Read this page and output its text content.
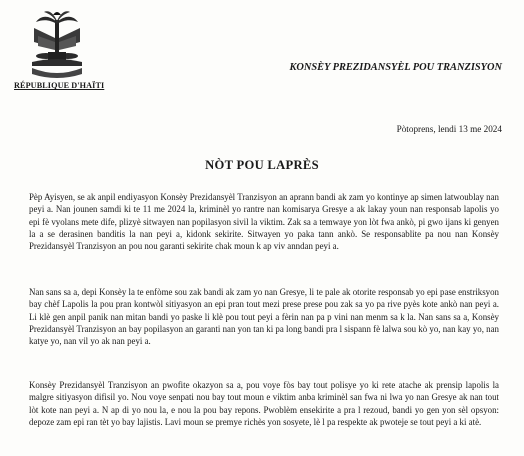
RÉPUBLIQUE D'HAÏTI
KONSÈY PREZIDANSYÈL POU TRANZISYON
Pòtoprens, lendi 13 me 2024
NÒT POU LAPRÈS

Pèp Ayisyen, se ak anpil endiyasyon Konsèy Prezidansyèl Tranzisyon an aprann bandi ak zam yo kontinye ap simen latwoublay nan peyi a. Nan jounen samdi ki te 11 me 2024 la, kriminèl yo rantre nan komisarya Gresye a ak lakay youn nan responsab lapolis yo epi fè vyolans mete dife, plizyè sitwayen nan popilasyon sivil la viktim. Zak sa a temwaye yon lòt fwa ankò, pi gwo ijans ki genyen la a se derasinen banditis la nan peyi a, kidonk sekirite. Sitwayen yo paka tann ankò. Se responsablite pa nou nan Konsèy Prezidansyèl Tranzisyon an pou nou garanti sekirite chak moun k ap viv anndan peyi a.

Nan sans sa a, depi Konsèy la te enfòme sou zak bandi ak zam yo nan Gresye, li te pale ak otorite responsab yo epi pase enstriksyon bay chèf Lapolis la pou pran kontwòl sitiyasyon an epi pran tout mezi prese prese pou zak sa yo pa rive pyès kote ankò nan peyi a. Li klè gen anpil panik nan mitan bandi yo paske li klè pou tout peyi a fèrin nan pa p vini nan menm sa k la. Nan sans sa a, Konsèy Prezidansyèl Tranzisyon an bay popilasyon an garanti nan yon tan ki pa long bandi pra l sispann fè lalwa sou kò yo, nan kay yo, nan katye yo, nan vil yo ak nan peyi a.

Konsèy Prezidansyèl Tranzisyon an pwofite okazyon sa a, pou voye fòs bay tout polisye yo ki rete atache ak prensip lapolis la malgre sitiyasyon difisil yo. Nou voye senpati nou bay tout moun e viktim anba kriminèl san fwa ni lwa yo nan Gresye ak nan tout lòt kote nan peyi a. N ap di yo nou la, e nou la pou bay repons. Pwoblèm ensekirite a pra l rezoud, bandi yo gen yon sèl opsyon: depoze zam epi ran tèt yo bay lajistis. Lavi moun se premye richès yon sosyete, lè l pa respekte ak pwoteje se tout peyi a ki atè.
